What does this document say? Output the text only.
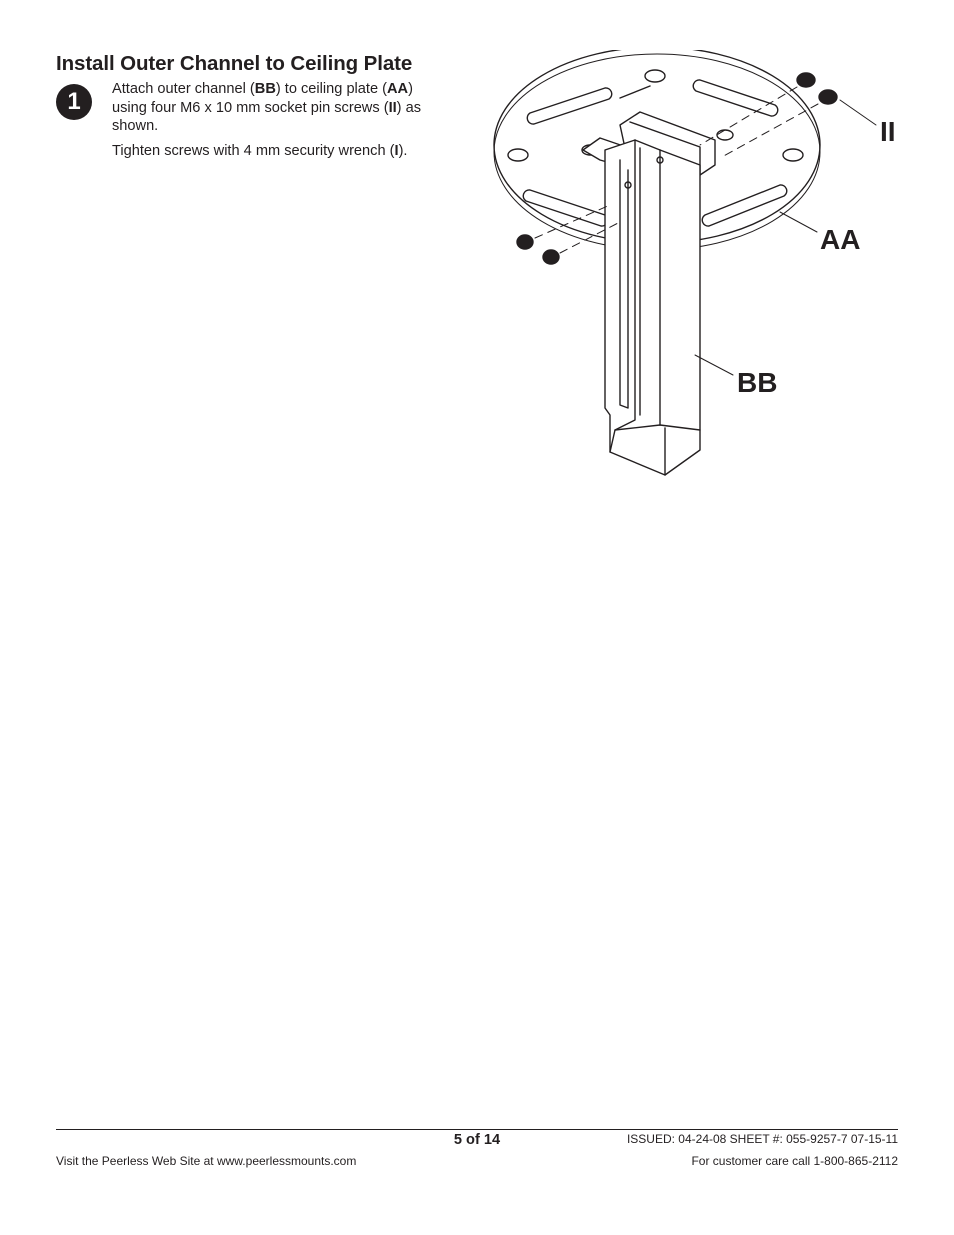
Install Outer Channel to Ceiling Plate
1	Attach outer channel (BB) to ceiling plate (AA)
using four M6 x 10 mm socket pin screws (II) as
shown.

Tighten screws with 4 mm security wrench (I).

II
AA
BB
5 of 14	ISSUED: 04-24-08 SHEET #: 055-9257-7 07-15-11
Visit the Peerless Web Site at www.peerlessmounts.com	For customer care call 1-800-865-2112
